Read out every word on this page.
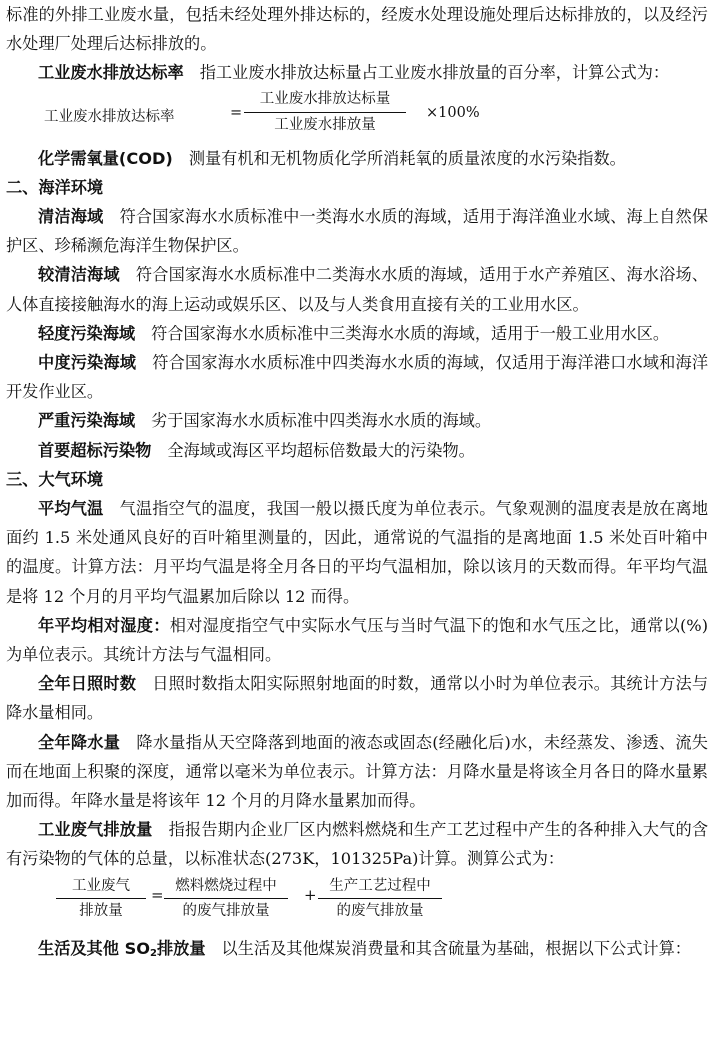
标准的外排工业废水量，包括未经处理外排达标的，经废水处理设施处理后达标排放的，以及经污水处理厂处理后达标排放的。

工业废水排放达标率 指工业废水排放达标量占工业废水排放量的百分率，计算公式为：

工业废水排放达标率	=
工业废水排放达标量
工业废水排放量
×100%

化学需氧量(COD) 测量有机和无机物质化学所消耗氧的质量浓度的水污染指数。

二、海洋环境

清洁海域 符合国家海水水质标准中一类海水水质的海域，适用于海洋渔业水域、海上自然保护区、珍稀濒危海洋生物保护区。

较清洁海域 符合国家海水水质标准中二类海水水质的海域，适用于水产养殖区、海水浴场、人体直接接触海水的海上运动或娱乐区、以及与人类食用直接有关的工业用水区。

轻度污染海域 符合国家海水水质标准中三类海水水质的海域，适用于一般工业用水区。

中度污染海域 符合国家海水水质标准中四类海水水质的海域，仅适用于海洋港口水域和海洋开发作业区。

严重污染海域 劣于国家海水水质标准中四类海水水质的海域。

首要超标污染物 全海域或海区平均超标倍数最大的污染物。

三、大气环境

平均气温 气温指空气的温度，我国一般以摄氏度为单位表示。气象观测的温度表是放在离地面约 1.5 米处通风良好的百叶箱里测量的，因此，通常说的气温指的是离地面 1.5 米处百叶箱中的温度。计算方法：月平均气温是将全月各日的平均气温相加，除以该月的天数而得。年平均气温是将 12 个月的月平均气温累加后除以 12 而得。

年平均相对湿度：相对湿度指空气中实际水气压与当时气温下的饱和水气压之比，通常以(%)为单位表示。其统计方法与气温相同。

全年日照时数 日照时数指太阳实际照射地面的时数，通常以小时为单位表示。其统计方法与降水量相同。

全年降水量 降水量指从天空降落到地面的液态或固态(经融化后)水，未经蒸发、渗透、流失而在地面上积聚的深度，通常以毫米为单位表示。计算方法：月降水量是将该全月各日的降水量累加而得。年降水量是将该年 12 个月的月降水量累加而得。

工业废气排放量 指报告期内企业厂区内燃料燃烧和生产工艺过程中产生的各种排入大气的含有污染物的气体的总量，以标准状态(273K，101325Pa)计算。测算公式为：

工业废气
排放量
= 燃料燃烧过程中
的废气排放量
+ 生产工艺过程中
的废气排放量

生活及其他 $SO_2$排放量 以生活及其他煤炭消费量和其含硫量为基础，根据以下公式计算：
